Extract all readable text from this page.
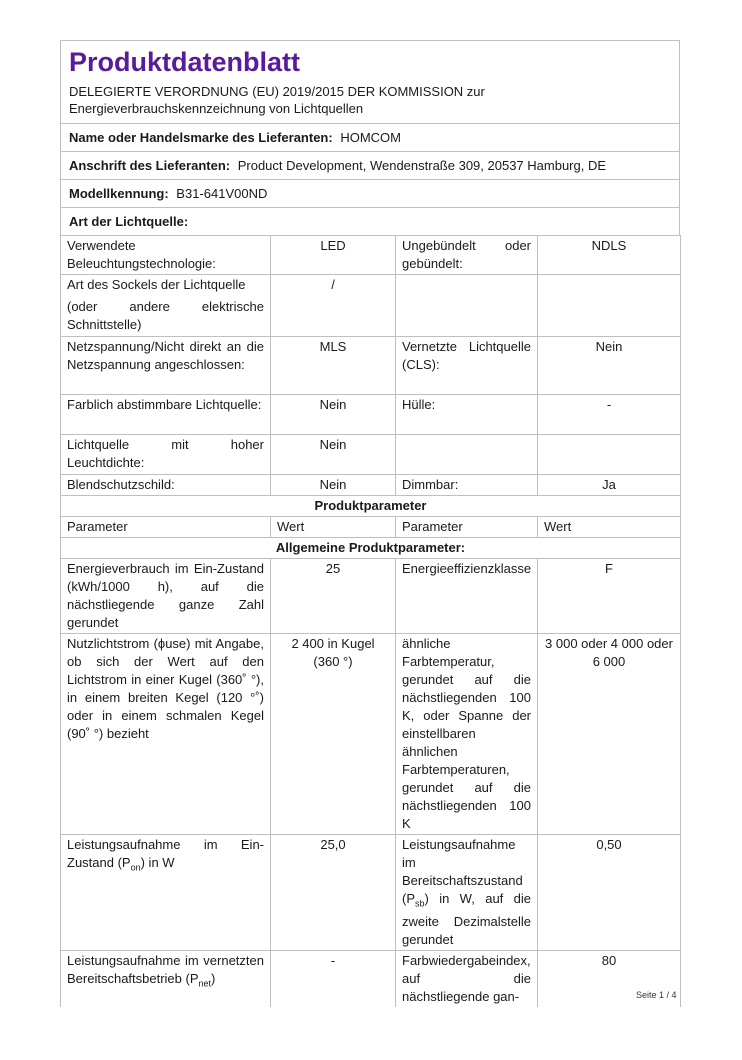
Produktdatenblatt
DELEGIERTE VERORDNUNG (EU) 2019/2015 DER KOMMISSION zur Energieverbrauchskennzeichnung von Lichtquellen
Name oder Handelsmarke des Lieferanten: HOMCOM
Anschrift des Lieferanten: Product Development, Wendenstraße 309, 20537 Hamburg, DE
Modellkennung: B31-641V00ND
Art der Lichtquelle:
Verwendete Beleuchtungstechnologie:	LED	Ungebündelt oder gebündelt:	NDLS

Art des Sockels der Lichtquelle
(oder andere elektrische Schnittstelle)	/		
Netzspannung/Nicht direkt an die Netzspannung angeschlossen:	MLS	Vernetzte Lichtquelle (CLS):	Nein
Farblich abstimmbare Lichtquelle:	Nein	Hülle:	-
Lichtquelle mit hoher Leuchtdichte:	Nein		
Blendschutzschild:	Nein	Dimmbar:	Ja
Produktparameter			
Parameter	Wert	Parameter	Wert
Allgemeine Produktparameter:			
Energieverbrauch im Ein-Zustand (kWh/1000 h), auf die nächstliegende ganze Zahl gerundet	25	Energieeffizienzklasse	F
Nutzlichtstrom (ϕuse) mit Angabe, ob sich der Wert auf den Lichtstrom in einer Kugel (360˚ °), in einem breiten Kegel (120 °˚) oder in einem schmalen Kegel (90˚ °) bezieht	2 400 in Kugel (360 °)	ähnliche Farbtemperatur, gerundet auf die nächstliegenden 100 K, oder Spanne der einstellbaren ähnlichen Farbtemperaturen, gerundet auf die nächstliegenden 100 K	3 000 oder 4 000 oder 6 000
Leistungsaufnahme im Ein-Zustand $(P_{on})$ in W	25,0	Leistungsaufnahme im Bereitschaftszustand $(P_{sb})$ in W, auf die zweite Dezimalstelle gerundet	0,50
Leistungsaufnahme im vernetzten Bereitschaftsbetrieb $(P_{net})$	-	Farbwiedergabeindex, auf die nächstliegende gan-	80
Seite 1 / 4
